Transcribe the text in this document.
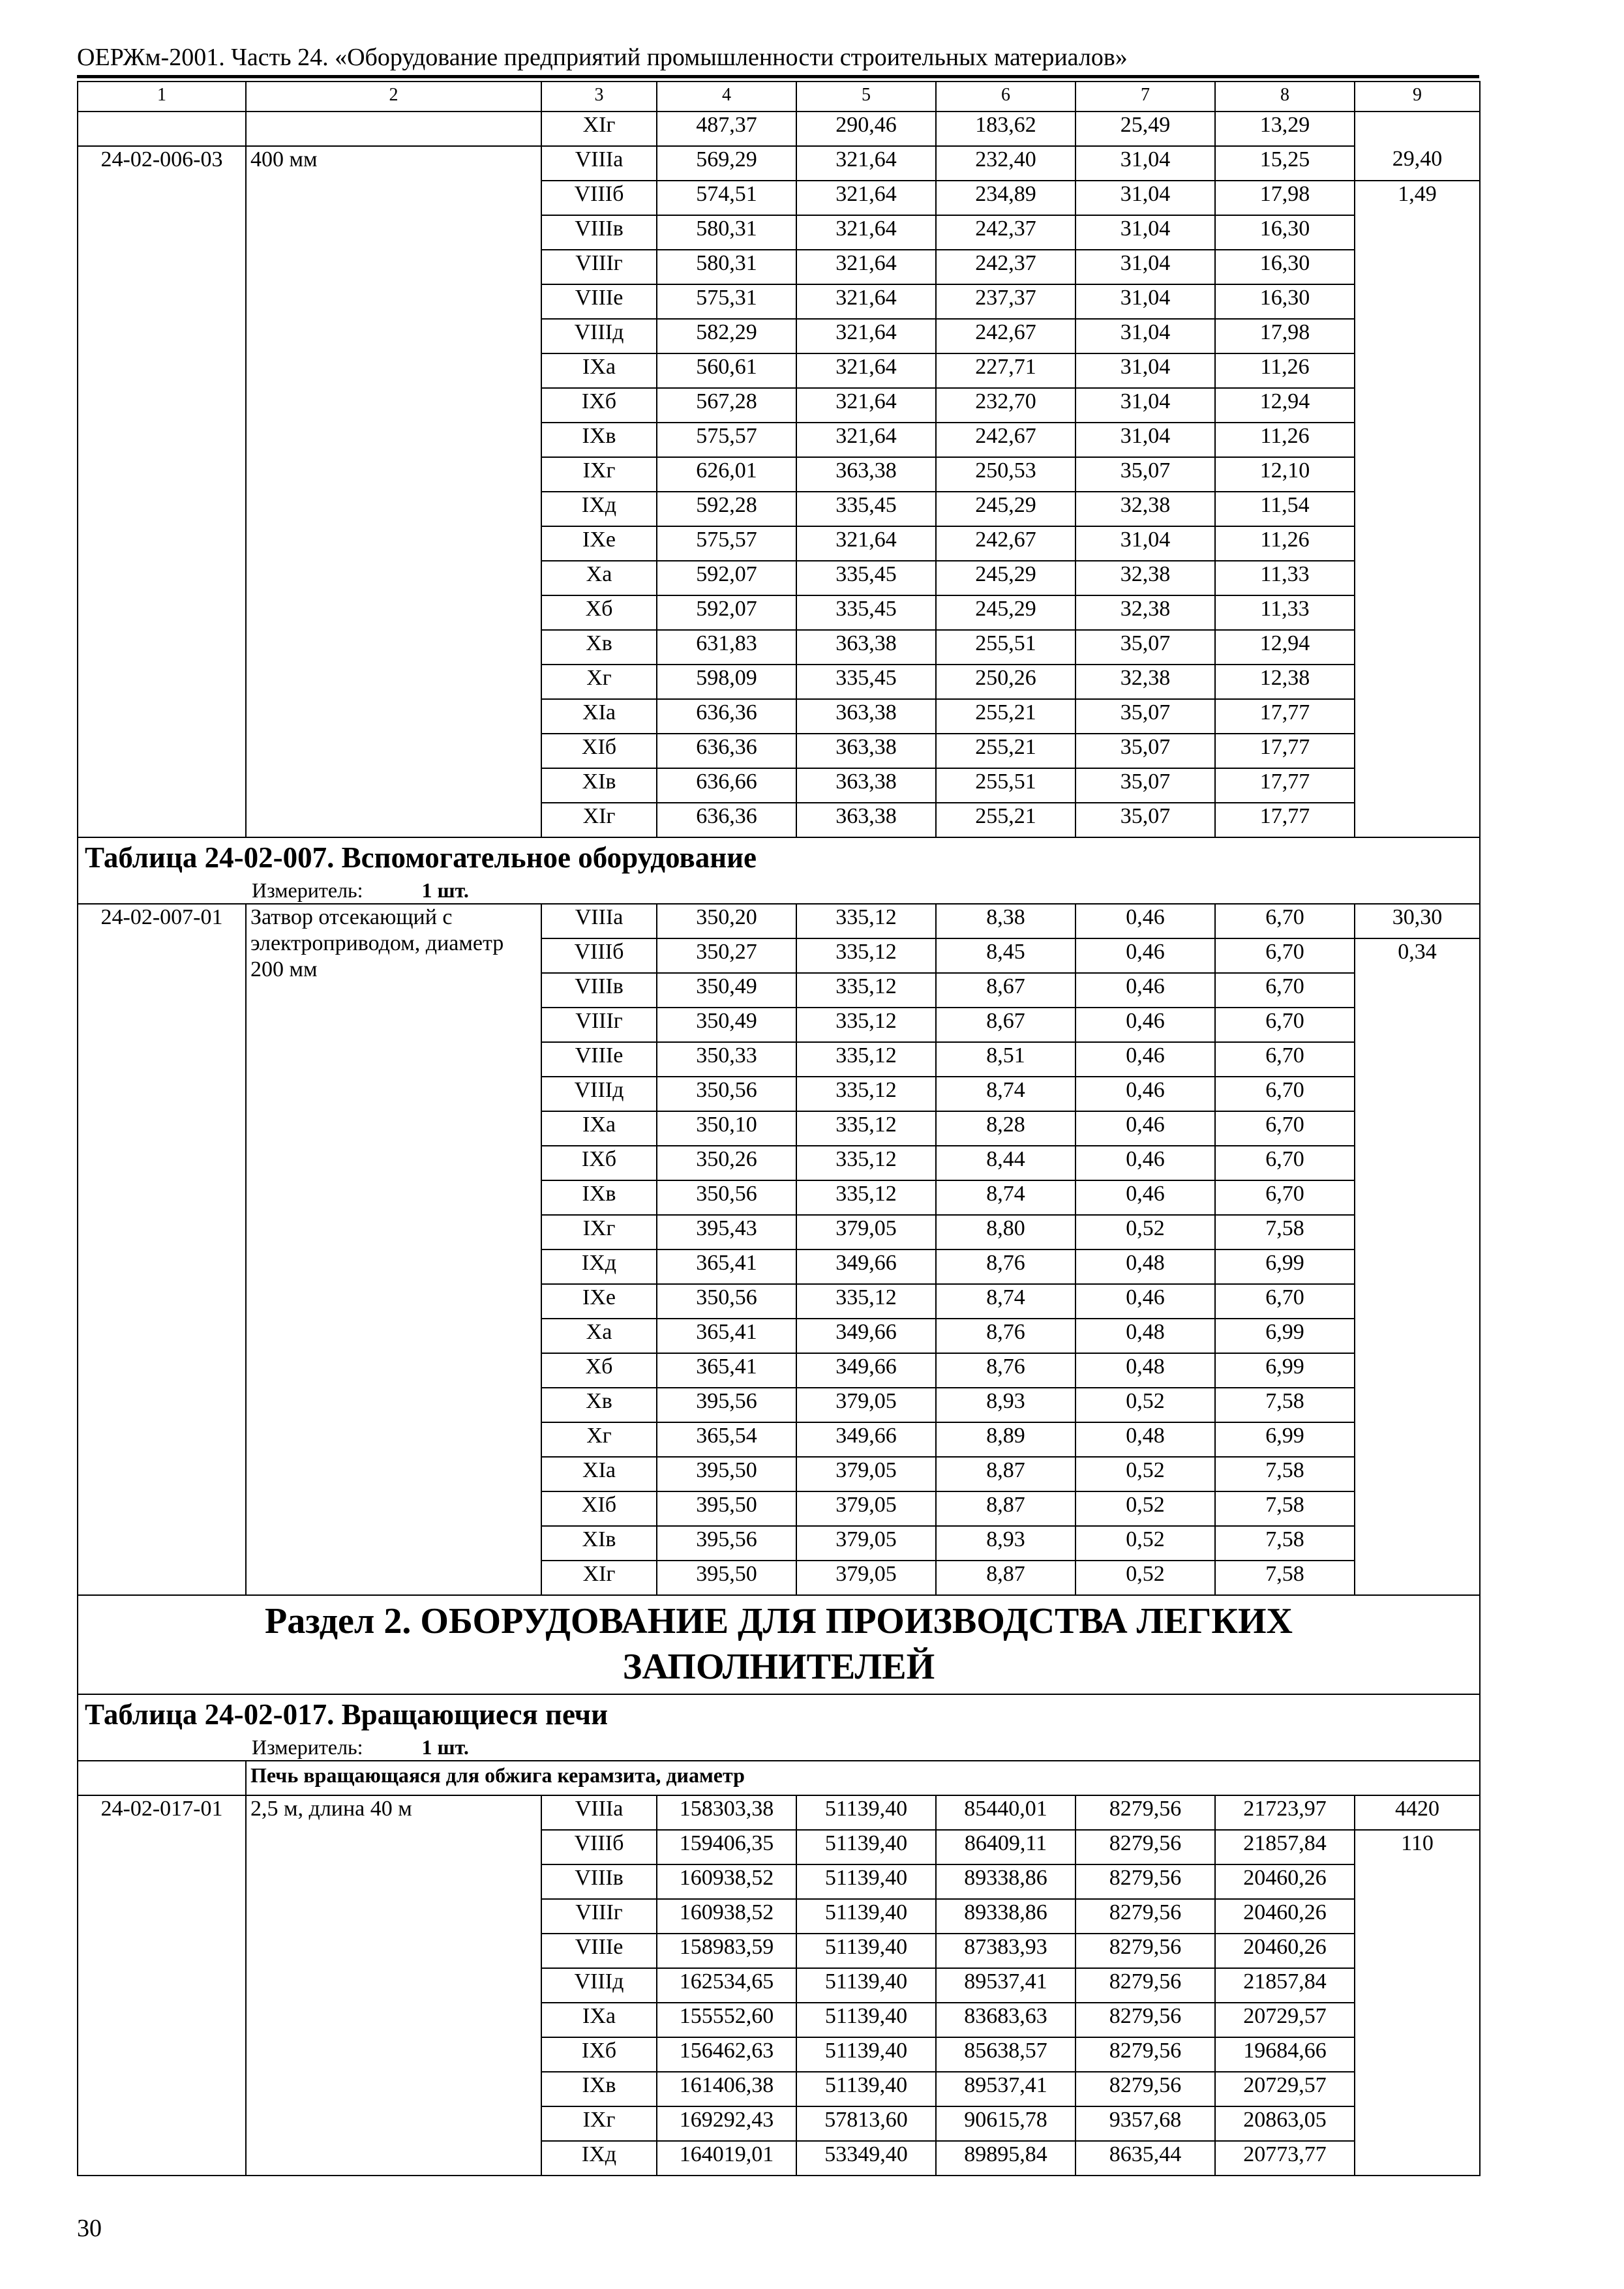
ОЕРЖм-2001. Часть 24. «Оборудование предприятий промышленности строительных материалов»
1	2	3	4	5	6	7	8	9
		XIг	487,37	290,46	183,62	25,49	13,29	
24-02-006-03	400 мм	VIIIа	569,29	321,64	232,40	31,04	15,25	29,40
		VIIIб	574,51	321,64	234,89	31,04	17,98	1,49
		VIIIв	580,31	321,64	242,37	31,04	16,30	
		VIIIг	580,31	321,64	242,37	31,04	16,30	
		VIIIе	575,31	321,64	237,37	31,04	16,30	
		VIIIд	582,29	321,64	242,67	31,04	17,98	
		IXа	560,61	321,64	227,71	31,04	11,26	
		IXб	567,28	321,64	232,70	31,04	12,94	
		IXв	575,57	321,64	242,67	31,04	11,26	
		IXг	626,01	363,38	250,53	35,07	12,10	
		IXд	592,28	335,45	245,29	32,38	11,54	
		IXе	575,57	321,64	242,67	31,04	11,26	
		Xа	592,07	335,45	245,29	32,38	11,33	
		Xб	592,07	335,45	245,29	32,38	11,33	
		Xв	631,83	363,38	255,51	35,07	12,94	
		Xг	598,09	335,45	250,26	32,38	12,38	
		XIа	636,36	363,38	255,21	35,07	17,77	
		XIб	636,36	363,38	255,21	35,07	17,77	
		XIв	636,66	363,38	255,51	35,07	17,77	
		XIг	636,36	363,38	255,21	35,07	17,77	

Таблица 24-02-007. Вспомогательное оборудование
Измеритель: 1 шт.								

24-02-007-01	Затвор отсекающий с электроприводом, диаметр 200 мм	VIIIа	350,20	335,12	8,38	0,46	6,70	30,30
		VIIIб	350,27	335,12	8,45	0,46	6,70	0,34
		VIIIв	350,49	335,12	8,67	0,46	6,70	
		VIIIг	350,49	335,12	8,67	0,46	6,70	
		VIIIе	350,33	335,12	8,51	0,46	6,70	
		VIIIд	350,56	335,12	8,74	0,46	6,70	
		IXа	350,10	335,12	8,28	0,46	6,70	
		IXб	350,26	335,12	8,44	0,46	6,70	
		IXв	350,56	335,12	8,74	0,46	6,70	
		IXг	395,43	379,05	8,80	0,52	7,58	
		IXд	365,41	349,66	8,76	0,48	6,99	
		IXе	350,56	335,12	8,74	0,46	6,70	
		Xа	365,41	349,66	8,76	0,48	6,99	
		Xб	365,41	349,66	8,76	0,48	6,99	
		Xв	395,56	379,05	8,93	0,52	7,58	
		Xг	365,54	349,66	8,89	0,48	6,99	
		XIа	395,50	379,05	8,87	0,52	7,58	
		XIб	395,50	379,05	8,87	0,52	7,58	
		XIв	395,56	379,05	8,93	0,52	7,58	
		XIг	395,50	379,05	8,87	0,52	7,58	
Раздел 2. ОБОРУДОВАНИЕ ДЛЯ ПРОИЗВОДСТВА ЛЕГКИХ ЗАПОЛНИТЕЛЕЙ								

Таблица 24-02-017. Вращающиеся печи
Измеритель: 1 шт.								

	Печь вращающаяся для обжига керамзита, диаметр							
24-02-017-01	2,5 м, длина 40 м	VIIIа	158303,38	51139,40	85440,01	8279,56	21723,97	4420
		VIIIб	159406,35	51139,40	86409,11	8279,56	21857,84	110
		VIIIв	160938,52	51139,40	89338,86	8279,56	20460,26	
		VIIIг	160938,52	51139,40	89338,86	8279,56	20460,26	
		VIIIе	158983,59	51139,40	87383,93	8279,56	20460,26	
		VIIIд	162534,65	51139,40	89537,41	8279,56	21857,84	
		IXа	155552,60	51139,40	83683,63	8279,56	20729,57	
		IXб	156462,63	51139,40	85638,57	8279,56	19684,66	
		IXв	161406,38	51139,40	89537,41	8279,56	20729,57	
		IXг	169292,43	57813,60	90615,78	9357,68	20863,05	
		IXд	164019,01	53349,40	89895,84	8635,44	20773,77	
30
